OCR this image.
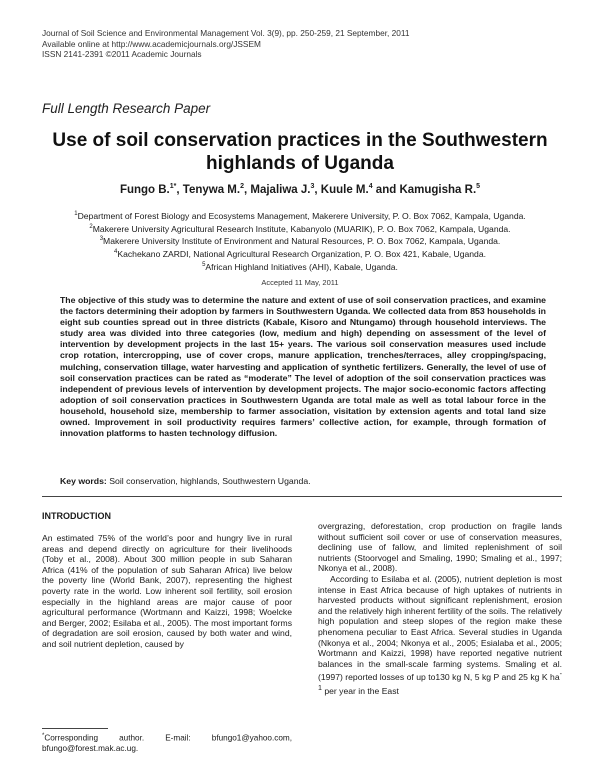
Journal of Soil Science and Environmental Management Vol. 3(9), pp. 250-259, 21 September, 2011
Available online at http://www.academicjournals.org/JSSEM
ISSN 2141-2391 ©2011 Academic Journals
Full Length Research Paper
Use of soil conservation practices in the Southwestern highlands of Uganda
Fungo B.$^{1*}$, Tenywa M.$^2$, Majaliwa J.$^3$, Kuule M.$^4$ and Kamugisha R.$^5$
$^1$Department of Forest Biology and Ecosystems Management, Makerere University, P. O. Box 7062, Kampala, Uganda.
$^2$Makerere University Agricultural Research Institute, Kabanyolo (MUARIK), P. O. Box 7062, Kampala, Uganda.
$^3$Makerere University Institute of Environment and Natural Resources, P. O. Box 7062, Kampala, Uganda.
$^4$Kachekano ZARDI, National Agricultural Research Organization, P. O. Box 421, Kabale, Uganda.
$^5$African Highland Initiatives (AHI), Kabale, Uganda.
Accepted 11 May, 2011
The objective of this study was to determine the nature and extent of use of soil conservation practices, and examine the factors determining their adoption by farmers in Southwestern Uganda. We collected data from 853 households in eight sub counties spread out in three districts (Kabale, Kisoro and Ntungamo) through household interviews. The study area was divided into three categories (low, medium and high) depending on assessment of the level of intervention by development projects in the last 15+ years. The various soil conservation measures used include crop rotation, intercropping, use of cover crops, manure application, trenches/terraces, alley cropping/spacing, mulching, conservation tillage, water harvesting and application of synthetic fertilizers. Generally, the level of use of soil conservation practices can be rated as “moderate” The level of adoption of the soil conservation practices was independent of previous levels of intervention by development projects. The major socio-economic factors affecting adoption of soil conservation practices in Southwestern Uganda are total male as well as total labour force in the household, household size, membership to farmer association, visitation by extension agents and total land size owned. Improvement in soil productivity requires farmers’ collective action, for example, through formation of innovation platforms to hasten technology diffusion.
Key words: Soil conservation, highlands, Southwestern Uganda.
INTRODUCTION

An estimated 75% of the world’s poor and hungry live in rural areas and depend directly on agriculture for their livelihoods (Toby et al., 2008). About 300 million people in sub Saharan Africa (41% of the population of sub Saharan Africa) live below the poverty line (World Bank, 2007), representing the highest poverty rate in the world. Low inherent soil fertility, soil erosion especially in the highland areas are major cause of poor agricultural performance (Wortmann and Kaizzi, 1998; Woelcke and Berger, 2002; Esilaba et al., 2005). The most important forms of degradation are soil erosion, caused by both water and wind, and soil nutrient depletion, caused by

overgrazing, deforestation, crop production on fragile lands without sufficient soil cover or use of conservation measures, declining use of fallow, and limited replenishment of soil nutrients (Stoorvogel and Smaling, 1990; Smaling et al., 1997; Nkonya et al., 2008).

According to Esilaba et al. (2005), nutrient depletion is most intense in East Africa because of high uptakes of nutrients in harvested products without significant replenishment, erosion and the relatively high inherent fertility of the soils. The relatively high population and steep slopes of the region make these phenomena peculiar to East Africa. Several studies in Uganda (Nkonya et al., 2004; Nkonya et al., 2005; Esialaba et al., 2005; Wortmann and Kaizzi, 1998) have reported negative nutrient balances in the small-scale farming systems. Smaling et al. (1997) reported losses of up to130 kg N, 5 kg P and 25 kg K $ha^{-1}$ per year in the East

*Corresponding author. E-mail: bfungo1@yahoo.com, bfungo@forest.mak.ac.ug.
